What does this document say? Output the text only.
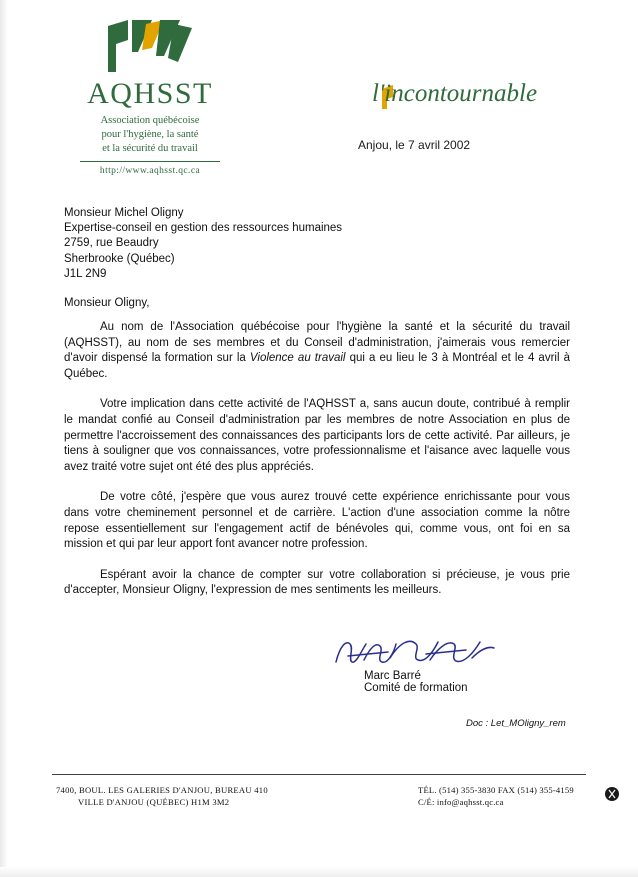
AQHSST
Association québécoise
pour l'hygiène, la santé
et la sécurité du travail
http://www.aqhsst.qc.ca
l'incontournable
Anjou, le 7 avril 2002
Monsieur Michel Oligny
Expertise-conseil en gestion des ressources humaines
2759, rue Beaudry
Sherbrooke (Québec)
J1L 2N9
Monsieur Oligny,

Au nom de l'Association québécoise pour l'hygiène la santé et la sécurité du travail (AQHSST), au nom de ses membres et du Conseil d'administration, j'aimerais vous remercier d'avoir dispensé la formation sur la Violence au travail qui a eu lieu le 3 à Montréal et le 4 avril à Québec.

Votre implication dans cette activité de l'AQHSST a, sans aucun doute, contribué à remplir le mandat confié au Conseil d'administration par les membres de notre Association en plus de permettre l'accroissement des connaissances des participants lors de cette activité. Par ailleurs, je tiens à souligner que vos connaissances, votre professionnalisme et l'aisance avec laquelle vous avez traité votre sujet ont été des plus appréciés.

De votre côté, j'espère que vous aurez trouvé cette expérience enrichissante pour vous dans votre cheminement personnel et de carrière. L'action d'une association comme la nôtre repose essentiellement sur l'engagement actif de bénévoles qui, comme vous, ont foi en sa mission et qui par leur apport font avancer notre profession.

Espérant avoir la chance de compter sur votre collaboration si précieuse, je vous prie d'accepter, Monsieur Oligny, l'expression de mes sentiments les meilleurs.

Marc Barré
Comité de formation
Doc : Let_MOligny_rem
7400, BOUL. LES GALERIES D'ANJOU, BUREAU 410
VILLE D'ANJOU (QUÉBEC) H1M 3M2
TÉL. (514) 355-3830 FAX (514) 355-4159
C/É: info@aqhsst.qc.ca
